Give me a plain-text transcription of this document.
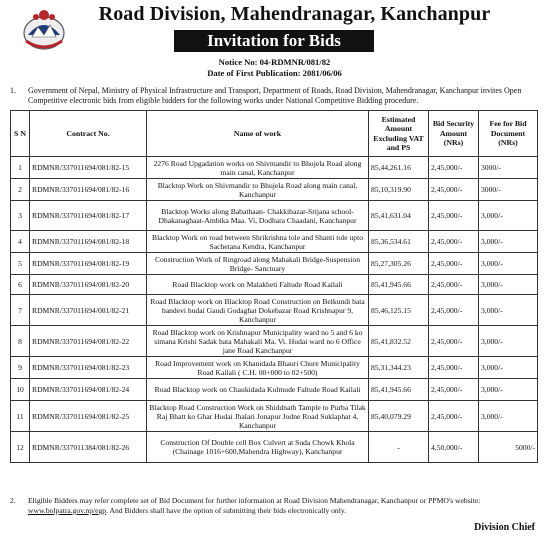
Road Division, Mahendranagar, Kanchanpur
Invitation for Bids
Notice No: 04-RDMNR/081/82
Date of First Publication: 2081/06/06
1. Government of Nepal, Ministry of Physical Infrastructure and Transport, Department of Roads, Road Division, Mahendranagar, Kanchanpur invites Open Competitive electronic bids from eligible bidders for the following works under National Competitive Bidding procedure.
S N	Contract No.	Name of work	Estimated Amount Excluding VAT and PS	Bid Security Amount (NRs)	Fee for Bid Document (NRs)
1	RDMNR/337011694/081/82-15	2276 Road Upgadation works on Shivmandir to Bhujela Road along main canal, Kanchanpur	85,44,261.16	2,45,000/-	3000/-
2	RDMNR/337011694/081/82-16	Blacktop Work on Shivmandir to Bhujela Road along main canal, Kanchanpur	85,10,319.90	2,45,000/-	3000/-
3	RDMNR/337011694/081/82-17	Blacktop Works along Babathaan- Chakkibazar-Srijana school-Dhakanaghaat-Ambika Maa. Vi, Dodhara Chaadani, Kanchanpur	85,41,631.04	2,45,000/-	3,000/-
4	RDMNR/337011694/081/82-18	Blacktop Work on road between Shrikrishna tole and Shanti tole upto Sachetana Kendra, Kanchanpur	85,36,534.61	2,45,000/-	3,000/-
5	RDMNR/337011694/081/82-19	Construction Work of Ringroad along Mahakali Bridge-Suspension Bridge- Sanctuary	85,27,305.26	2,45,000/-	3,000/-
6	RDMNR/337011694/081/82-20	Road Blacktop work on Malakheti Faltude Road Kailali	85,41,945.66	2,45,000/-	3,000/-
7	RDMNR/337011694/081/82-21	Road Blacktop work on Blacktop Road Construction on Belkundi bata bandevi hudai Gaudi Godaghat Dokebazar Road Krishnapur 9, Kanchanpur	85,46,125.15	2,45,000/-	3,000/-
8	RDMNR/337011694/081/82-22	Road Blacktop work on Krishnapur Municipality ward no 5 and 6 ko simana Krishi Sadak bata Mahakali Ma. Vi. Hudai ward no 6 Office jane Road Kanchanpur	85,41,832.52	2,45,000/-	3,000/-
9	RDMNR/337011694/081/82-23	Road Improvement work on Khanidada Bhauri Chure Municipality Road Kailali ( C.H. 00+000 to 02+500)	85,31,344.23	2,45,000/-	3,000/-
10	RDMNR/337011694/081/82-24	Road Blacktop work on Chaukidada Kulmude Faltude Road Kailali	85,41,945.66	2,45,000/-	3,000/-
11	RDMNR/337011694/081/82-25	Blacktop Road Construction Work on Shiddnath Tample to Purba Tilak Raj Bhatt ko Ghar Hudai Jhalari Jonapur Jodne Road Suklaphat 4, Kanchanpur	85,40,079.29	2,45,000/-	3,000/-
12	RDMNR/337011384/081/82-26	Construction Of Double cell Box Culvert at Suda Chowk Khola (Chainage 1016+600,Mahendra Highway), Kanchanpur	-	4,50,000/-	5000/-
2. Eligible Bidders may refer complete set of Bid Document for further information at Road Division Mahendranagar, Kanchanpur or PPMO's website: www.bolpatra.gov.np/egp. And Bidders shall have the option of submitting their bids electronically only.
Division Chief
